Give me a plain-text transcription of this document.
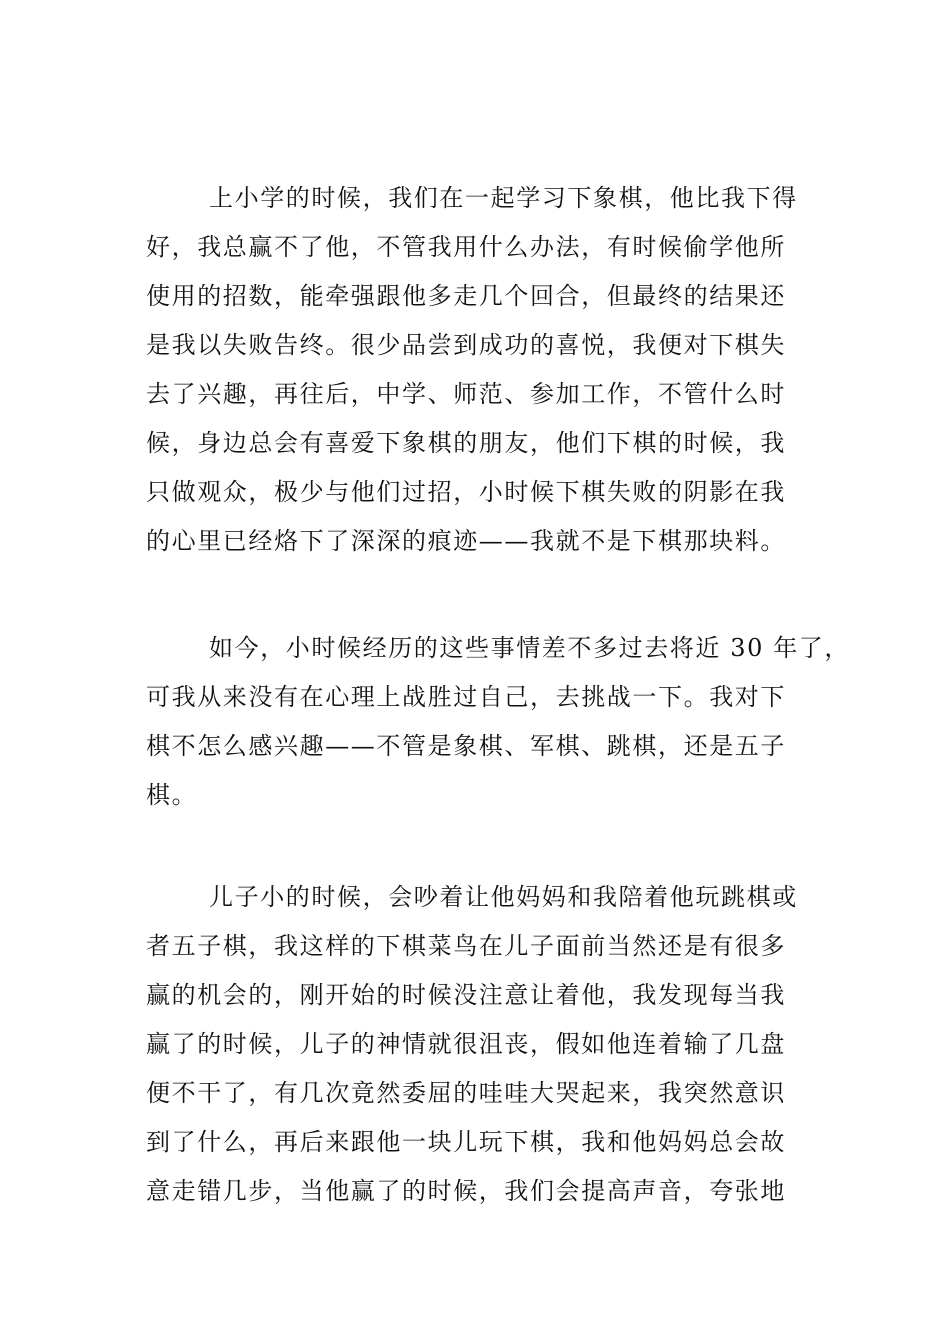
上小学的时候，我们在一起学习下象棋，他比我下得
好，我总赢不了他，不管我用什么办法，有时候偷学他所
使用的招数，能牵强跟他多走几个回合，但最终的结果还
是我以失败告终。很少品尝到成功的喜悦，我便对下棋失
去了兴趣，再往后，中学、师范、参加工作，不管什么时
候，身边总会有喜爱下象棋的朋友，他们下棋的时候，我
只做观众，极少与他们过招，小时候下棋失败的阴影在我
的心里已经烙下了深深的痕迹——我就不是下棋那块料。
如今，小时候经历的这些事情差不多过去将近 30 年了，
可我从来没有在心理上战胜过自己，去挑战一下。我对下
棋不怎么感兴趣——不管是象棋、军棋、跳棋，还是五子
棋。
儿子小的时候，会吵着让他妈妈和我陪着他玩跳棋或
者五子棋，我这样的下棋菜鸟在儿子面前当然还是有很多
赢的机会的，刚开始的时候没注意让着他，我发现每当我
赢了的时候，儿子的神情就很沮丧，假如他连着输了几盘
便不干了，有几次竟然委屈的哇哇大哭起来，我突然意识
到了什么，再后来跟他一块儿玩下棋，我和他妈妈总会故
意走错几步，当他赢了的时候，我们会提高声音，夸张地
